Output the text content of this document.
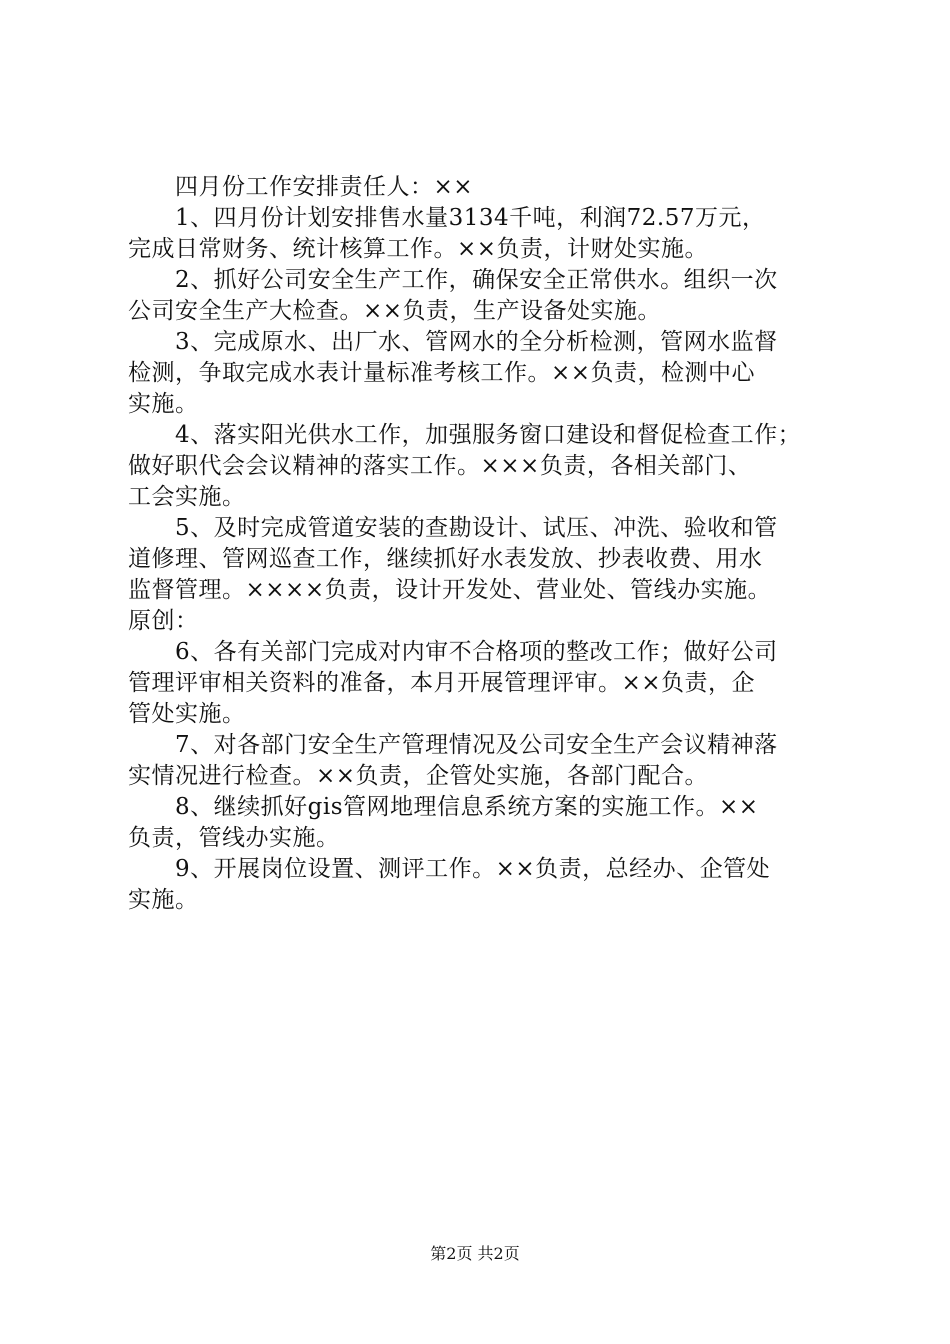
四月份工作安排责任人：××
1、四月份计划安排售水量3134千吨，利润72.57万元，
完成日常财务、统计核算工作。××负责，计财处实施。
2、抓好公司安全生产工作，确保安全正常供水。组织一次
公司安全生产大检查。××负责，生产设备处实施。
3、完成原水、出厂水、管网水的全分析检测，管网水监督
检测，争取完成水表计量标准考核工作。××负责，检测中心
实施。
4、落实阳光供水工作，加强服务窗口建设和督促检查工作；
做好职代会会议精神的落实工作。×××负责，各相关部门、
工会实施。
5、及时完成管道安装的查勘设计、试压、冲洗、验收和管
道修理、管网巡查工作，继续抓好水表发放、抄表收费、用水
监督管理。××××负责，设计开发处、营业处、管线办实施。
原创：
6、各有关部门完成对内审不合格项的整改工作；做好公司
管理评审相关资料的准备，本月开展管理评审。××负责，企
管处实施。
7、对各部门安全生产管理情况及公司安全生产会议精神落
实情况进行检查。××负责，企管处实施，各部门配合。
8、继续抓好gis管网地理信息系统方案的实施工作。××
负责，管线办实施。
9、开展岗位设置、测评工作。××负责，总经办、企管处
实施。
第2页 共2页
